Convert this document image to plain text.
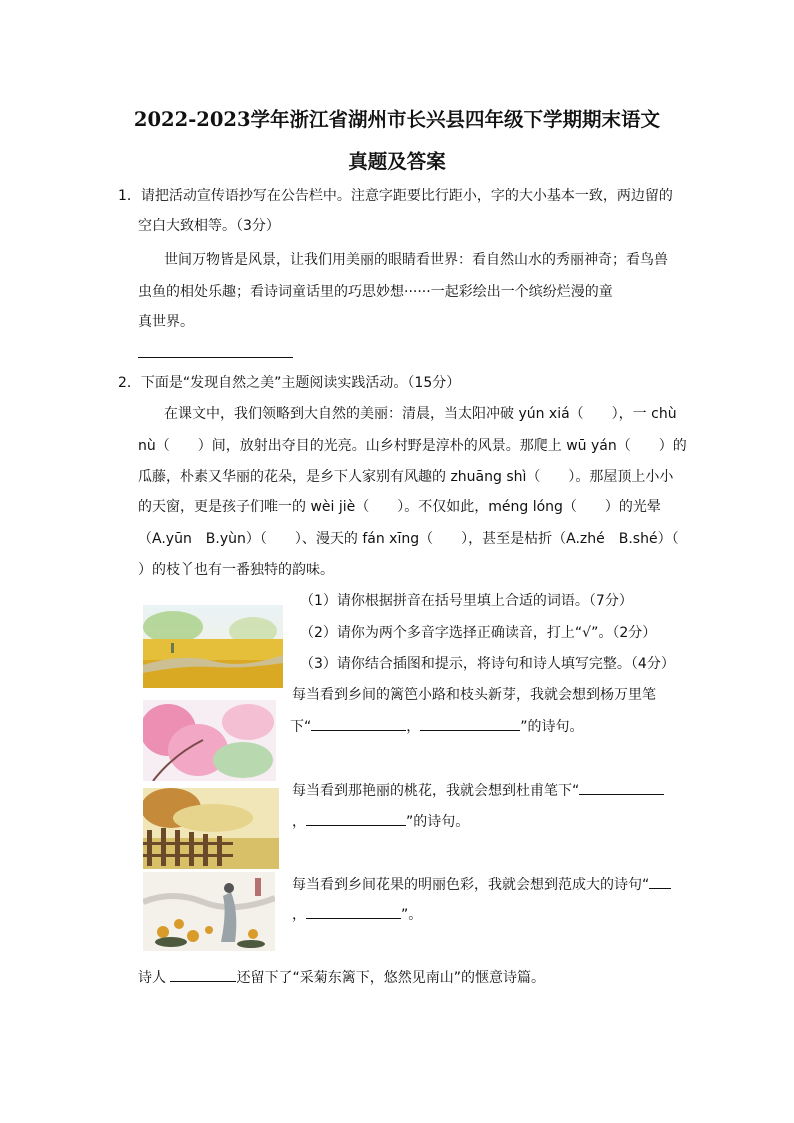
2022-2023学年浙江省湖州市长兴县四年级下学期期末语文
真题及答案
1．请把活动宣传语抄写在公告栏中。注意字距要比行距小，字的大小基本一致，两边留的
空白大致相等。（3分）
世间万物皆是风景，让我们用美丽的眼睛看世界：看自然山水的秀丽神奇；看鸟兽
虫鱼的相处乐趣；看诗词童话里的巧思妙想······一起彩绘出一个缤纷烂漫的童
真世界。
2．下面是“发现自然之美”主题阅读实践活动。（15分）
在课文中，我们领略到大自然的美丽：清晨，当太阳冲破 yún xiá（　　），一 chù
nù（　　）间，放射出夺目的光亮。山乡村野是淳朴的风景。那爬上 wū yán（　　）的
瓜藤，朴素又华丽的花朵，是乡下人家别有风趣的 zhuāng shì（　　）。那屋顶上小小
的天窗，更是孩子们唯一的 wèi jiè（　　）。不仅如此，méng lóng（　　）的光晕
（A.yūn　B.yùn）（　　）、漫天的 fán xīng（　　），甚至是枯折（A.zhé　B.shé）（
）的枝丫也有一番独特的韵味。
（1）请你根据拼音在括号里填上合适的词语。（7分）
（2）请你为两个多音字选择正确读音，打上“√”。（2分）
（3）请你结合插图和提示，将诗句和诗人填写完整。（4分）
每当看到乡间的篱笆小路和枝头新芽，我就会想到杨万里笔
下“	，	”的诗句。
每当看到那艳丽的桃花，我就会想到杜甫笔下“
，	”的诗句。
每当看到乡间花果的明丽色彩，我就会想到范成大的诗句“
，	”。
诗人	还留下了“采菊东篱下，悠然见南山”的惬意诗篇。
